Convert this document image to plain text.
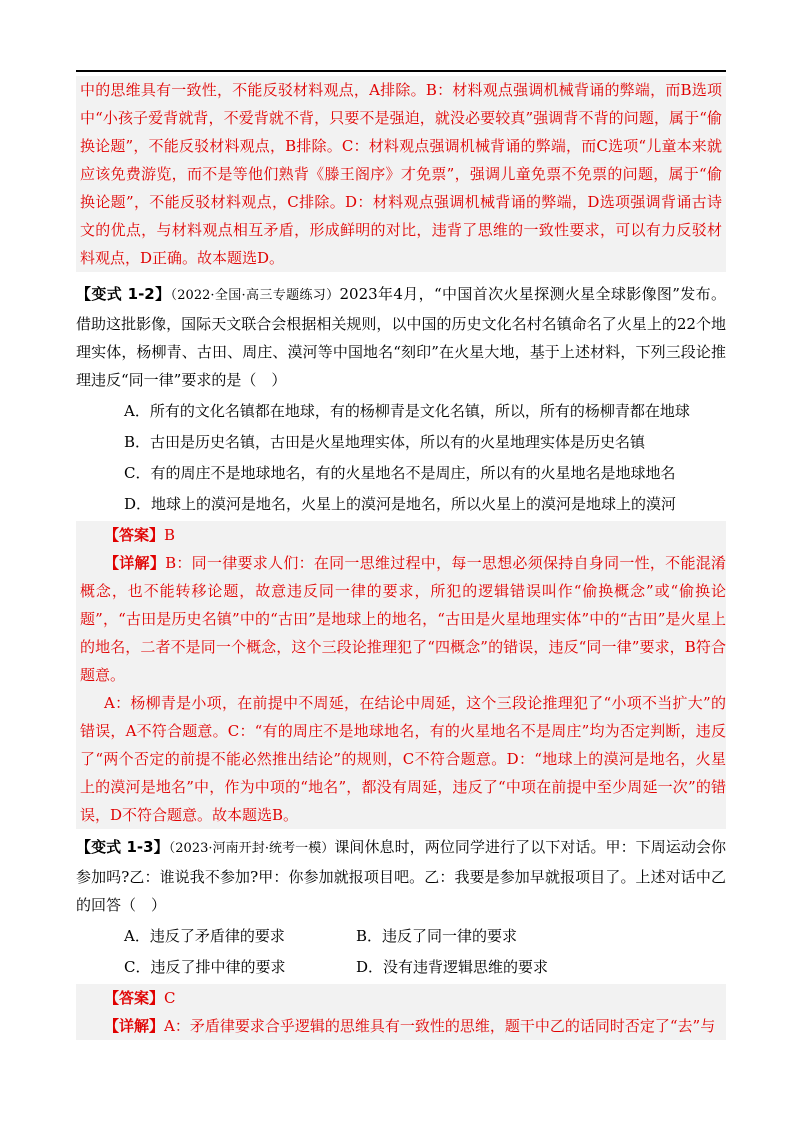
中的思维具有一致性，不能反驳材料观点，A排除。B：材料观点强调机械背诵的弊端，而B选项中“小孩子爱背就背，不爱背就不背，只要不是强迫，就没必要较真”强调背不背的问题，属于“偷换论题”，不能反驳材料观点，B排除。C：材料观点强调机械背诵的弊端，而C选项“儿童本来就应该免费游览，而不是等他们熟背《滕王阁序》才免票”，强调儿童免票不免票的问题，属于“偷换论题”，不能反驳材料观点，C排除。D：材料观点强调机械背诵的弊端，D选项强调背诵古诗文的优点，与材料观点相互矛盾，形成鲜明的对比，违背了思维的一致性要求，可以有力反驳材料观点，D正确。故本题选D。
【变式 1-2】（2022·全国·高三专题练习）2023年4月，“中国首次火星探测火星全球影像图”发布。借助这批影像，国际天文联合会根据相关规则，以中国的历史文化名村名镇命名了火星上的22个地理实体，杨柳青、古田、周庄、漠河等中国地名“刻印”在火星大地，基于上述材料，下列三段论推理违反“同一律”要求的是（　）
A．所有的文化名镇都在地球，有的杨柳青是文化名镇，所以，所有的杨柳青都在地球
B．古田是历史名镇，古田是火星地理实体，所以有的火星地理实体是历史名镇
C．有的周庄不是地球地名，有的火星地名不是周庄，所以有的火星地名是地球地名
D．地球上的漠河是地名，火星上的漠河是地名，所以火星上的漠河是地球上的漠河
【答案】B
【详解】B：同一律要求人们：在同一思维过程中，每一思想必须保持自身同一性，不能混淆概念，也不能转移论题，故意违反同一律的要求，所犯的逻辑错误叫作“偷换概念”或“偷换论题”，“古田是历史名镇”中的“古田”是地球上的地名，“古田是火星地理实体”中的“古田”是火星上的地名，二者不是同一个概念，这个三段论推理犯了“四概念”的错误，违反“同一律”要求，B符合题意。
A：杨柳青是小项，在前提中不周延，在结论中周延，这个三段论推理犯了“小项不当扩大”的错误，A不符合题意。C：“有的周庄不是地球地名，有的火星地名不是周庄”均为否定判断，违反了“两个否定的前提不能必然推出结论”的规则，C不符合题意。D：“地球上的漠河是地名，火星上的漠河是地名”中，作为中项的“地名”，都没有周延，违反了“中项在前提中至少周延一次”的错误，D不符合题意。故本题选B。
【变式 1-3】（2023·河南开封·统考一模）课间休息时，两位同学进行了以下对话。甲：下周运动会你参加吗?乙：谁说我不参加?甲：你参加就报项目吧。乙：我要是参加早就报项目了。上述对话中乙的回答（　）
A．违反了矛盾律的要求	B．违反了同一律的要求
C．违反了排中律的要求	D．没有违背逻辑思维的要求
【答案】C
【详解】A：矛盾律要求合乎逻辑的思维具有一致性的思维，题干中乙的话同时否定了“去”与
